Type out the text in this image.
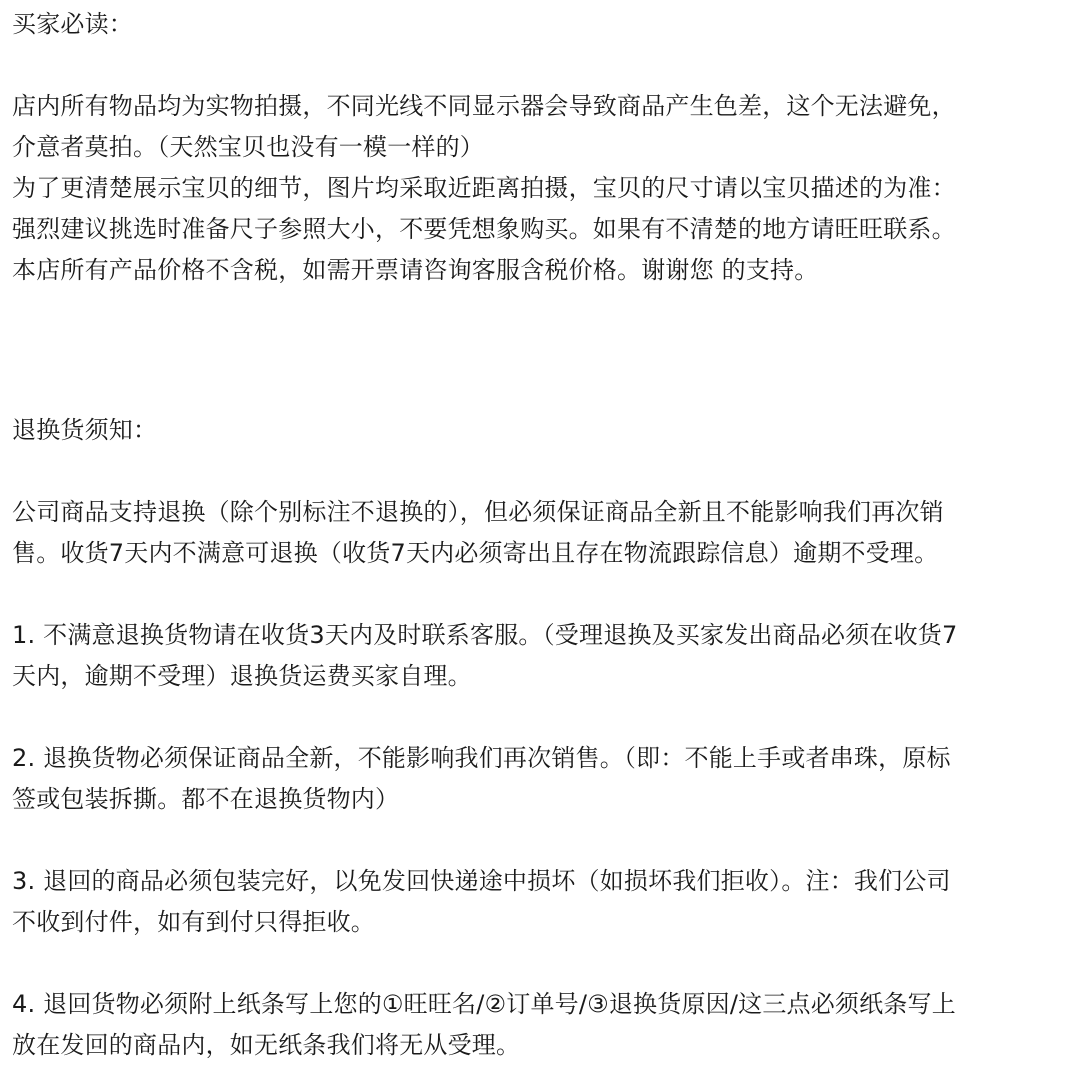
买家必读：
店内所有物品均为实物拍摄，不同光线不同显示器会导致商品产生色差，这个无法避免，
介意者莫拍。（天然宝贝也没有一模一样的）
为了更清楚展示宝贝的细节，图片均采取近距离拍摄，宝贝的尺寸请以宝贝描述的为准：
强烈建议挑选时准备尺子参照大小，不要凭想象购买。如果有不清楚的地方请旺旺联系。
本店所有产品价格不含税，如需开票请咨询客服含税价格。谢谢您 的支持。
退换货须知：
公司商品支持退换（除个别标注不退换的），但必须保证商品全新且不能影响我们再次销
售。收货7天内不满意可退换（收货7天内必须寄出且存在物流跟踪信息）逾期不受理。
1. 不满意退换货物请在收货3天内及时联系客服。（受理退换及买家发出商品必须在收货7
天内，逾期不受理）退换货运费买家自理。
2. 退换货物必须保证商品全新，不能影响我们再次销售。（即：不能上手或者串珠，原标
签或包装拆撕。都不在退换货物内）
3. 退回的商品必须包装完好，以免发回快递途中损坏（如损坏我们拒收）。注：我们公司
不收到付件，如有到付只得拒收。
4. 退回货物必须附上纸条写上您的①旺旺名/②订单号/③退换货原因/这三点必须纸条写上
放在发回的商品内，如无纸条我们将无从受理。
